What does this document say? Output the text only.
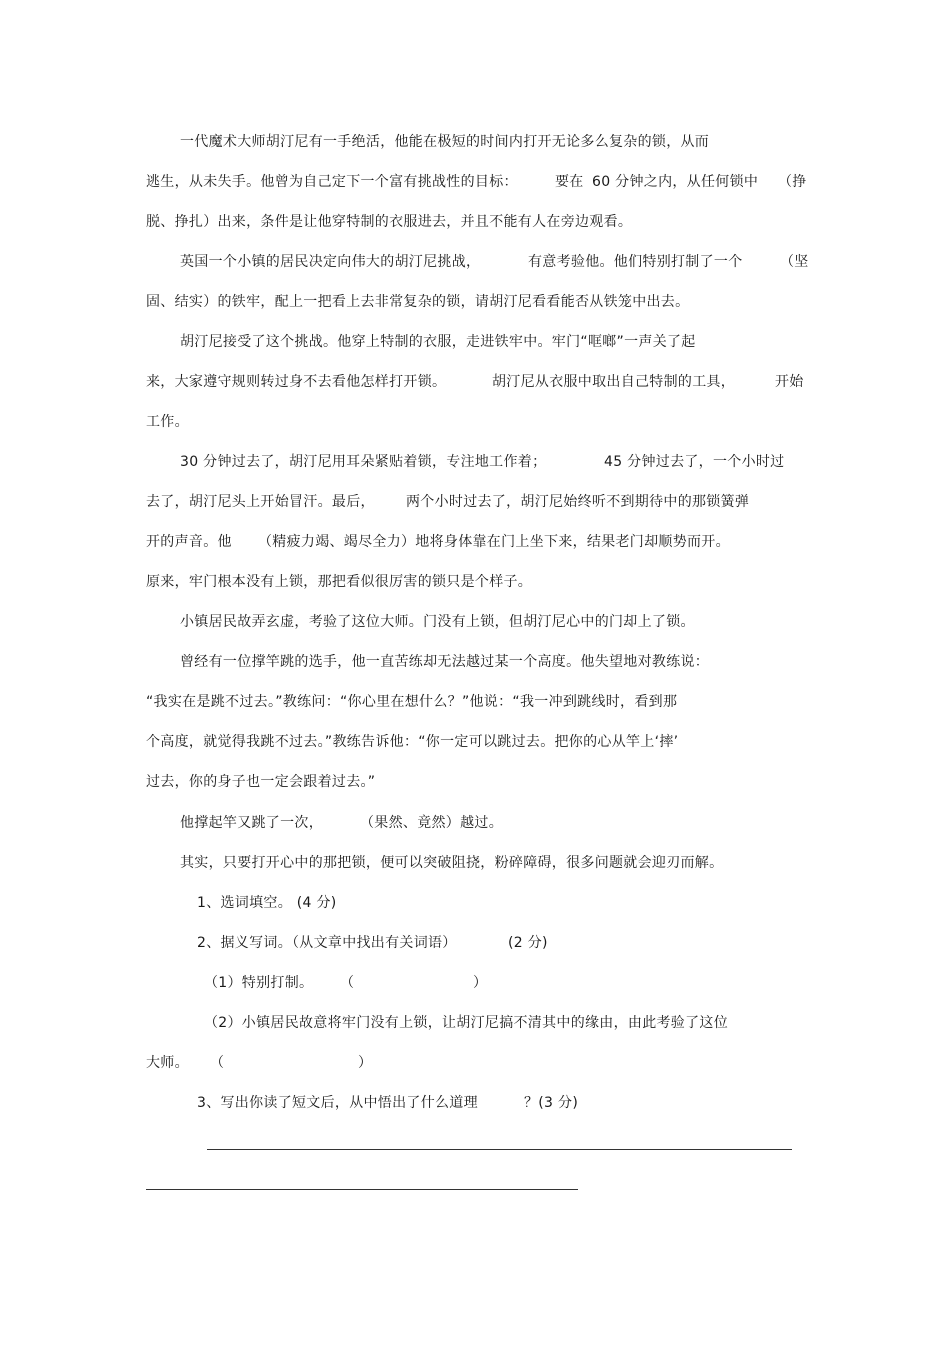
一代魔术大师胡汀尼有一手绝活，他能在极短的时间内打开无论多么复杂的锁，从而
逃生，从未失手。他曾为自己定下一个富有挑战性的目标：	要在 60 分钟之内，从任何锁中 （挣
脱、挣扎）出来，条件是让他穿特制的衣服进去，并且不能有人在旁边观看。
英国一个小镇的居民决定向伟大的胡汀尼挑战，	有意考验他。他们特别打制了一个	（坚
固、结实）的铁牢，配上一把看上去非常复杂的锁，请胡汀尼看看能否从铁笼中出去。
胡汀尼接受了这个挑战。他穿上特制的衣服，走进铁牢中。牢门“哐啷”一声关了起
来，大家遵守规则转过身不去看他怎样打开锁。	胡汀尼从衣服中取出自己特制的工具，	开始
工作。
30 分钟过去了，胡汀尼用耳朵紧贴着锁，专注地工作着；	45 分钟过去了，一个小时过
去了，胡汀尼头上开始冒汗。最后， 两个小时过去了，胡汀尼始终听不到期待中的那锁簧弹
开的声音。他 （精疲力竭、竭尽全力）地将身体靠在门上坐下来，结果老门却顺势而开。
原来，牢门根本没有上锁，那把看似很厉害的锁只是个样子。
小镇居民故弄玄虚，考验了这位大师。门没有上锁，但胡汀尼心中的门却上了锁。
曾经有一位撑竿跳的选手，他一直苦练却无法越过某一个高度。他失望地对教练说：
“我实在是跳不过去。”教练问：“你心里在想什么？”他说：“我一冲到跳线时，看到那
个高度，就觉得我跳不过去。”教练告诉他：“你一定可以跳过去。把你的心从竿上‘摔’
过去，你的身子也一定会跟着过去。”
他撑起竿又跳了一次，	（果然、竟然）越过。
其实，只要打开心中的那把锁，便可以突破阻挠，粉碎障碍，很多问题就会迎刃而解。
1、选词填空。 (4 分)
2、据义写词。（从文章中找出有关词语）	(2 分)
（1）特别打制。 （	）
（2）小镇居民故意将牢门没有上锁，让胡汀尼搞不清其中的缘由，由此考验了这位
大师。 （	）
3、写出你读了短文后，从中悟出了什么道理	？(3 分)
